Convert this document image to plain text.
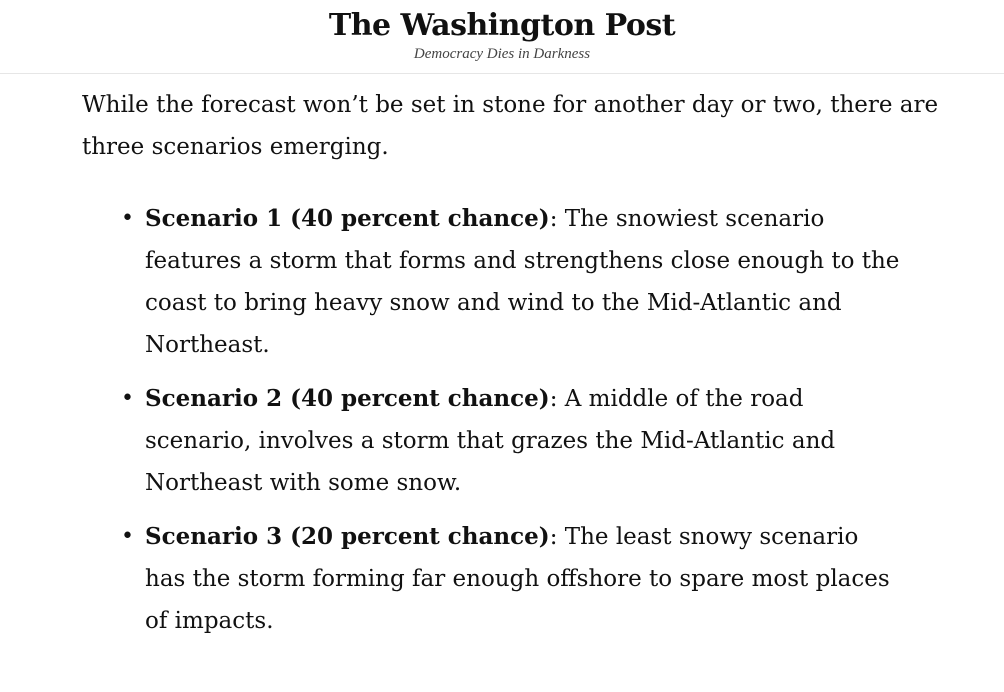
The Washington Post
Democracy Dies in Darkness

While the forecast won’t be set in stone for another day or two, there are three scenarios emerging.

• Scenario 1 (40 percent chance): The snowiest scenario features a storm that forms and strengthens close enough to the coast to bring heavy snow and wind to the Mid-Atlantic and Northeast.
• Scenario 2 (40 percent chance): A middle of the road scenario, involves a storm that grazes the Mid-Atlantic and Northeast with some snow.
• Scenario 3 (20 percent chance): The least snowy scenario has the storm forming far enough offshore to spare most places of impacts.
